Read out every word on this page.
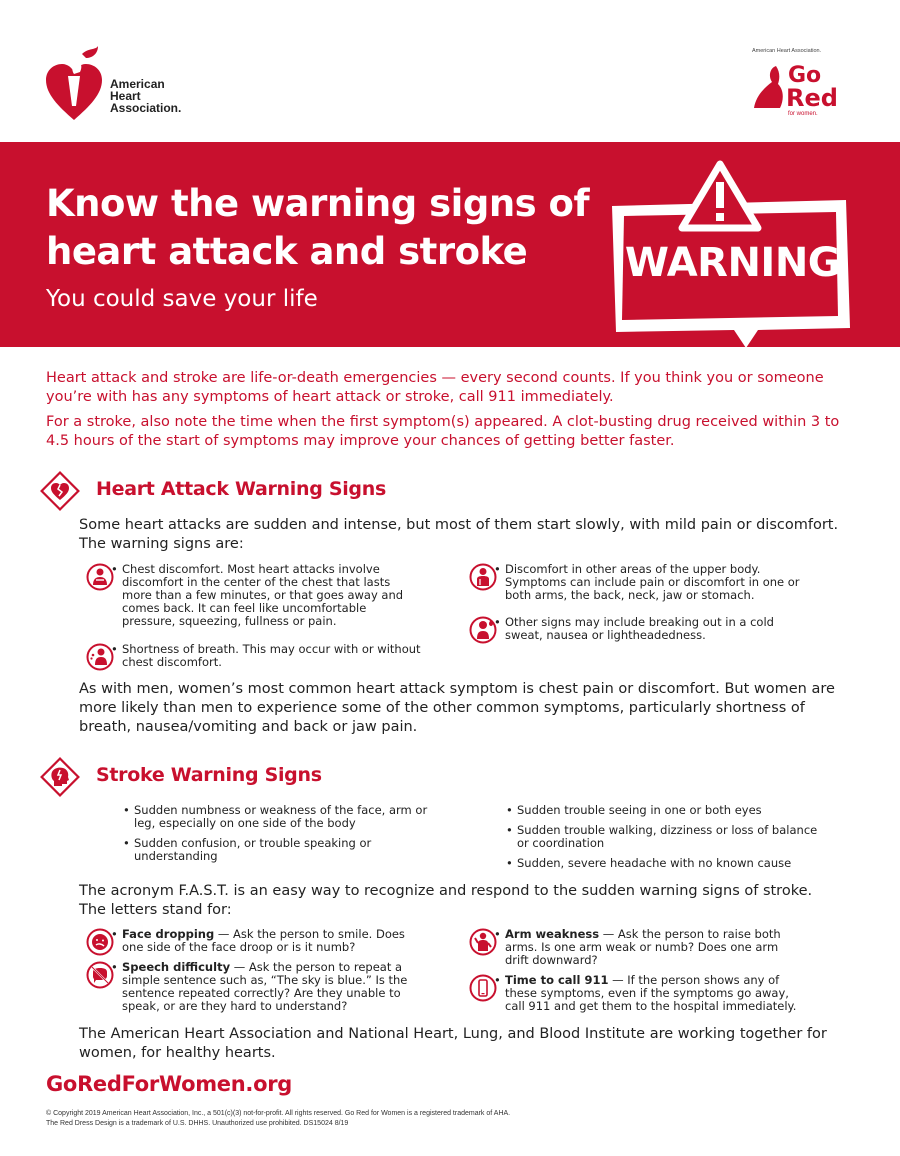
American
Heart
Association.
American Heart Association.
Go
Red
for women.
Know the warning signs of
heart attack and stroke
You could save your life
WARNING

Heart attack and stroke are life-or-death emergencies — every second counts. If you think you or someone you’re with has any symptoms of heart attack or stroke, call 911 immediately.

For a stroke, also note the time when the first symptom(s) appeared. A clot-busting drug received within 3 to 4.5 hours of the start of symptoms may improve your chances of getting better faster.

Heart Attack Warning Signs

Some heart attacks are sudden and intense, but most of them start slowly, with mild pain or discomfort. The warning signs are:

• Chest discomfort. Most heart attacks involve discomfort in the center of the chest that lasts more than a few minutes, or that goes away and comes back. It can feel like uncomfortable pressure, squeezing, fullness or pain.
• Shortness of breath. This may occur with or without chest discomfort.
• Discomfort in other areas of the upper body. Symptoms can include pain or discomfort in one or both arms, the back, neck, jaw or stomach.
• Other signs may include breaking out in a cold sweat, nausea or lightheadedness.

As with men, women’s most common heart attack symptom is chest pain or discomfort. But women are more likely than men to experience some of the other common symptoms, particularly shortness of breath, nausea/vomiting and back or jaw pain.

Stroke Warning Signs
• Sudden numbness or weakness of the face, arm or leg, especially on one side of the body
• Sudden confusion, or trouble speaking or understanding
• Sudden trouble seeing in one or both eyes
• Sudden trouble walking, dizziness or loss of balance or coordination
• Sudden, severe headache with no known cause

The acronym F.A.S.T. is an easy way to recognize and respond to the sudden warning signs of stroke. The letters stand for:

• Face dropping — Ask the person to smile. Does one side of the face droop or is it numb?
• Speech difficulty — Ask the person to repeat a simple sentence such as, “The sky is blue.” Is the sentence repeated correctly? Are they unable to speak, or are they hard to understand?
• Arm weakness — Ask the person to raise both arms. Is one arm weak or numb? Does one arm drift downward?
• Time to call 911 — If the person shows any of these symptoms, even if the symptoms go away, call 911 and get them to the hospital immediately.

The American Heart Association and National Heart, Lung, and Blood Institute are working together for women, for healthy hearts.

GoRedForWomen.org
© Copyright 2019 American Heart Association, Inc., a 501(c)(3) not-for-profit. All rights reserved. Go Red for Women is a registered trademark of AHA.
The Red Dress Design is a trademark of U.S. DHHS. Unauthorized use prohibited. DS15024 8/19
